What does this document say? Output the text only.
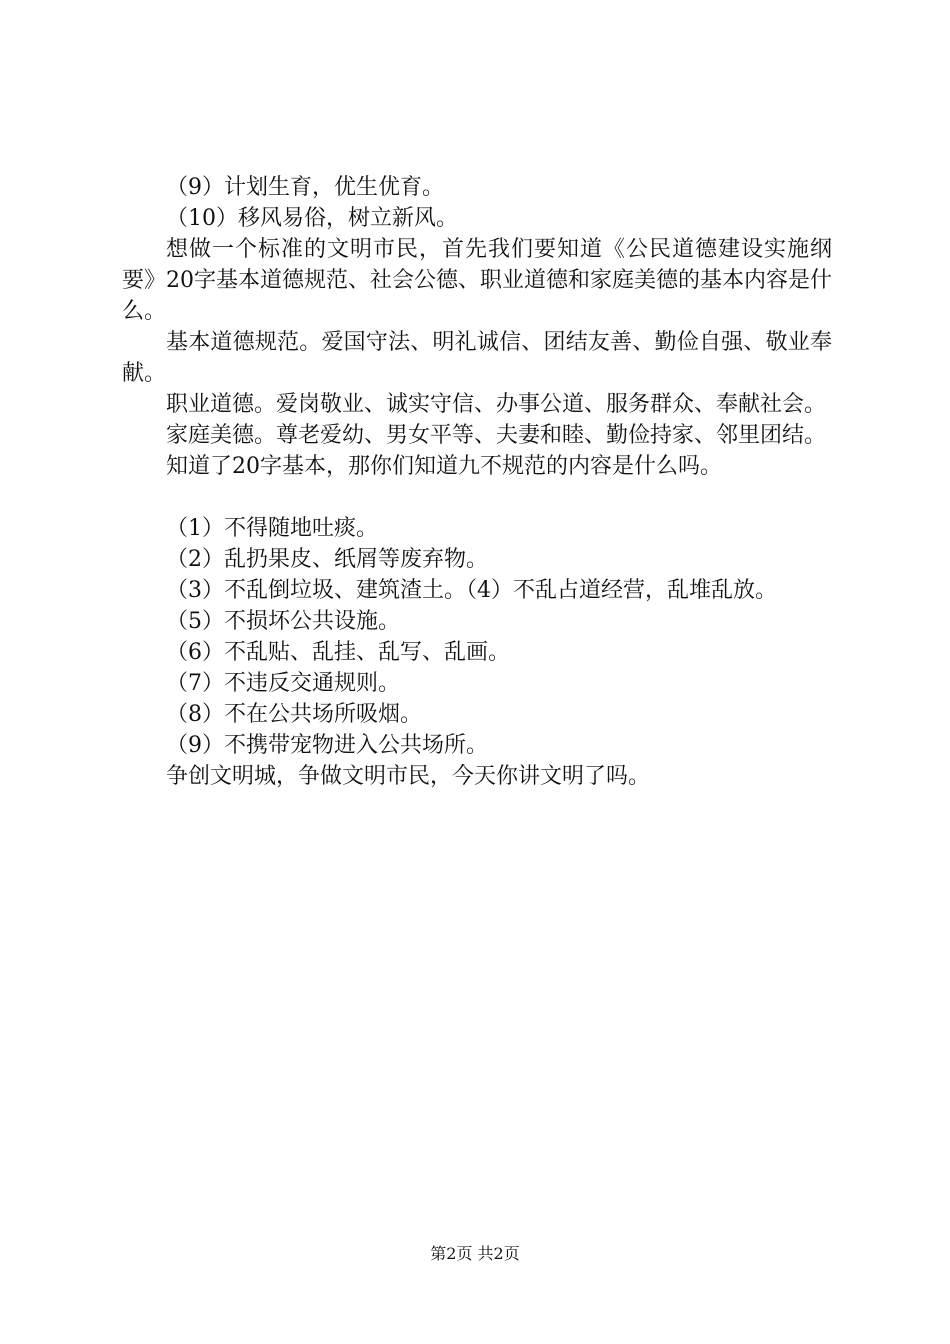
（9）计划生育，优生优育。

（10）移风易俗，树立新风。

想做一个标准的文明市民，首先我们要知道《公民道德建设实施纲要》20字基本道德规范、社会公德、职业道德和家庭美德的基本内容是什么。

基本道德规范。爱国守法、明礼诚信、团结友善、勤俭自强、敬业奉献。

职业道德。爱岗敬业、诚实守信、办事公道、服务群众、奉献社会。

家庭美德。尊老爱幼、男女平等、夫妻和睦、勤俭持家、邻里团结。

知道了20字基本，那你们知道九不规范的内容是什么吗。

（1）不得随地吐痰。

（2）乱扔果皮、纸屑等废弃物。

（3）不乱倒垃圾、建筑渣土。（4）不乱占道经营，乱堆乱放。

（5）不损坏公共设施。

（6）不乱贴、乱挂、乱写、乱画。

（7）不违反交通规则。

（8）不在公共场所吸烟。

（9）不携带宠物进入公共场所。

争创文明城，争做文明市民，今天你讲文明了吗。

第2页 共2页
